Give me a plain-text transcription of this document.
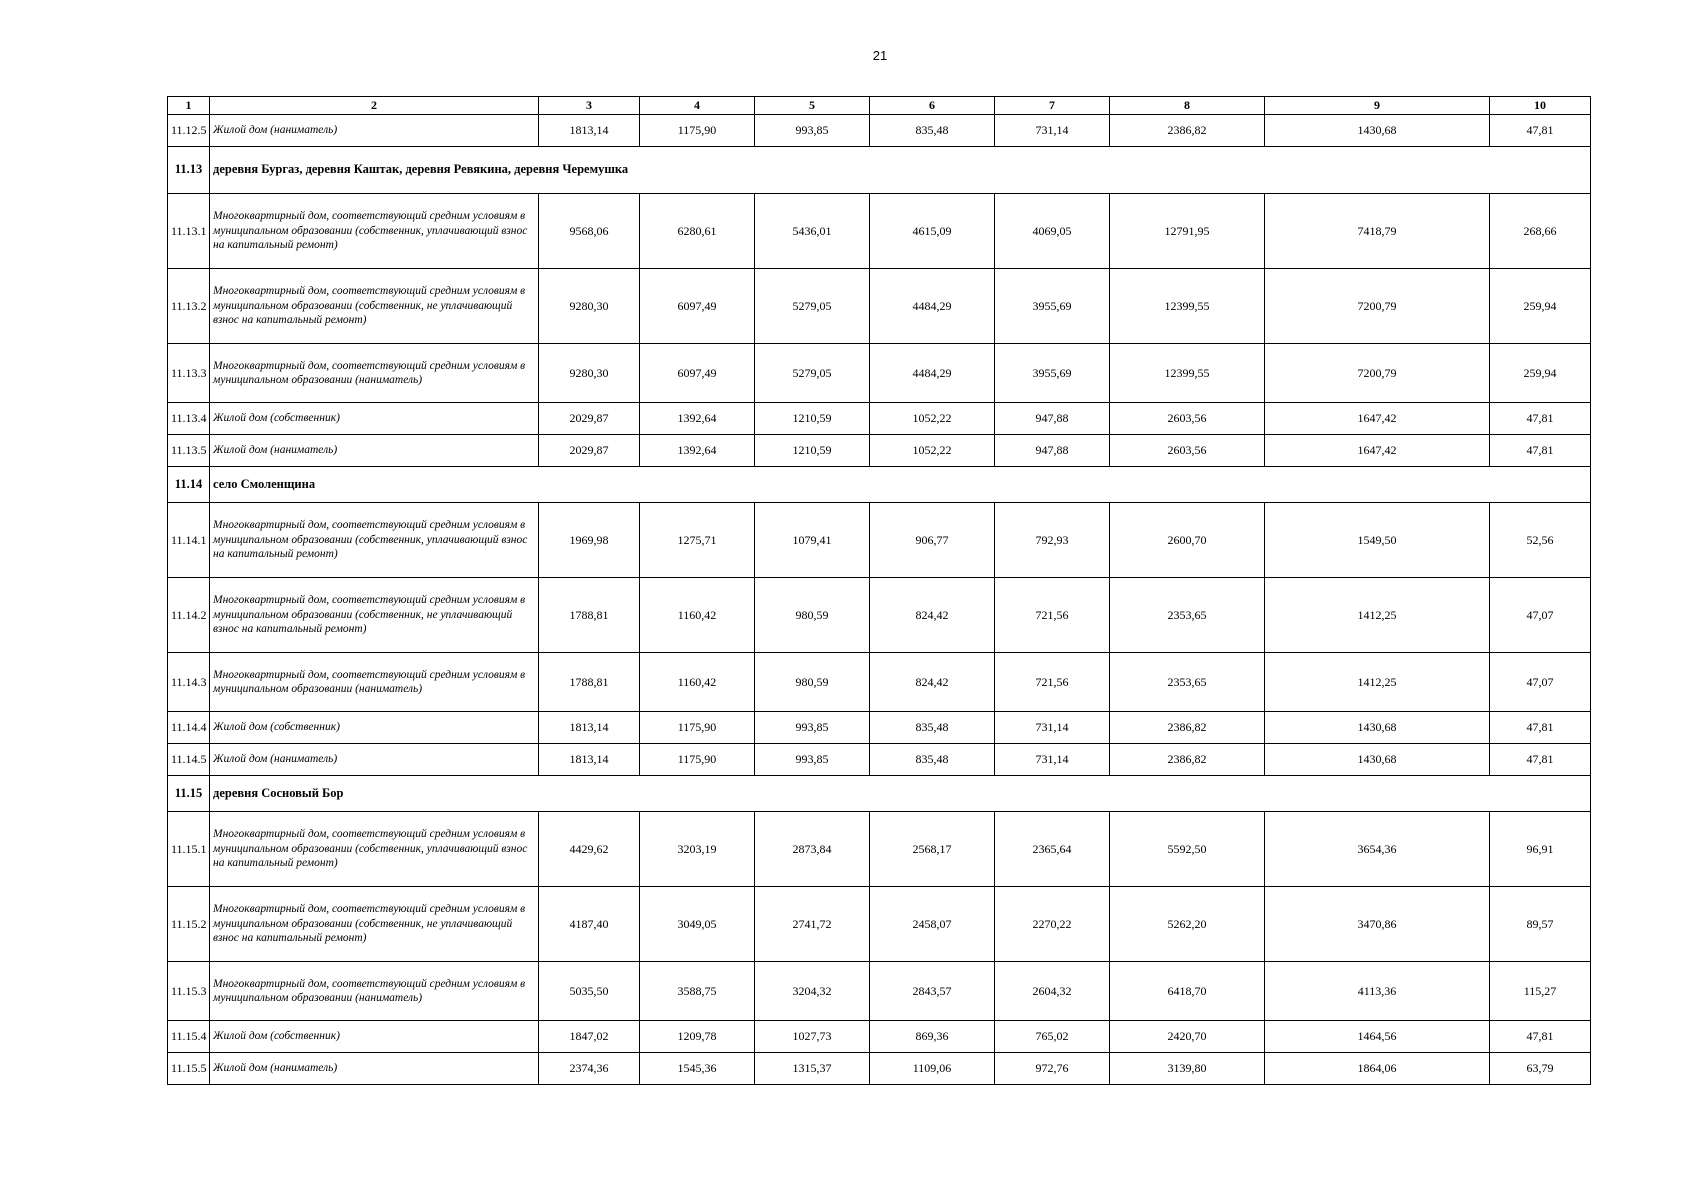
21
1	2	3	4	5	6	7	8	9	10
11.12.5	Жилой дом (наниматель)	1813,14	1175,90	993,85	835,48	731,14	2386,82	1430,68	47,81
11.13	деревня Бургаз, деревня Каштак, деревня Ревякина, деревня Черемушка								
11.13.1	Многоквартирный дом, соответствующий средним условиям в муниципальном образовании (собственник, уплачивающий взнос на капитальный ремонт)	9568,06	6280,61	5436,01	4615,09	4069,05	12791,95	7418,79	268,66
11.13.2	Многоквартирный дом, соответствующий средним условиям в муниципальном образовании (собственник, не уплачивающий взнос на капитальный ремонт)	9280,30	6097,49	5279,05	4484,29	3955,69	12399,55	7200,79	259,94
11.13.3	Многоквартирный дом, соответствующий средним условиям в муниципальном образовании (наниматель)	9280,30	6097,49	5279,05	4484,29	3955,69	12399,55	7200,79	259,94
11.13.4	Жилой дом (собственник)	2029,87	1392,64	1210,59	1052,22	947,88	2603,56	1647,42	47,81
11.13.5	Жилой дом (наниматель)	2029,87	1392,64	1210,59	1052,22	947,88	2603,56	1647,42	47,81
11.14	село Смоленщина								
11.14.1	Многоквартирный дом, соответствующий средним условиям в муниципальном образовании (собственник, уплачивающий взнос на капитальный ремонт)	1969,98	1275,71	1079,41	906,77	792,93	2600,70	1549,50	52,56
11.14.2	Многоквартирный дом, соответствующий средним условиям в муниципальном образовании (собственник, не уплачивающий взнос на капитальный ремонт)	1788,81	1160,42	980,59	824,42	721,56	2353,65	1412,25	47,07
11.14.3	Многоквартирный дом, соответствующий средним условиям в муниципальном образовании (наниматель)	1788,81	1160,42	980,59	824,42	721,56	2353,65	1412,25	47,07
11.14.4	Жилой дом (собственник)	1813,14	1175,90	993,85	835,48	731,14	2386,82	1430,68	47,81
11.14.5	Жилой дом (наниматель)	1813,14	1175,90	993,85	835,48	731,14	2386,82	1430,68	47,81
11.15	деревня Сосновый Бор								
11.15.1	Многоквартирный дом, соответствующий средним условиям в муниципальном образовании (собственник, уплачивающий взнос на капитальный ремонт)	4429,62	3203,19	2873,84	2568,17	2365,64	5592,50	3654,36	96,91
11.15.2	Многоквартирный дом, соответствующий средним условиям в муниципальном образовании (собственник, не уплачивающий взнос на капитальный ремонт)	4187,40	3049,05	2741,72	2458,07	2270,22	5262,20	3470,86	89,57
11.15.3	Многоквартирный дом, соответствующий средним условиям в муниципальном образовании (наниматель)	5035,50	3588,75	3204,32	2843,57	2604,32	6418,70	4113,36	115,27
11.15.4	Жилой дом (собственник)	1847,02	1209,78	1027,73	869,36	765,02	2420,70	1464,56	47,81
11.15.5	Жилой дом (наниматель)	2374,36	1545,36	1315,37	1109,06	972,76	3139,80	1864,06	63,79
